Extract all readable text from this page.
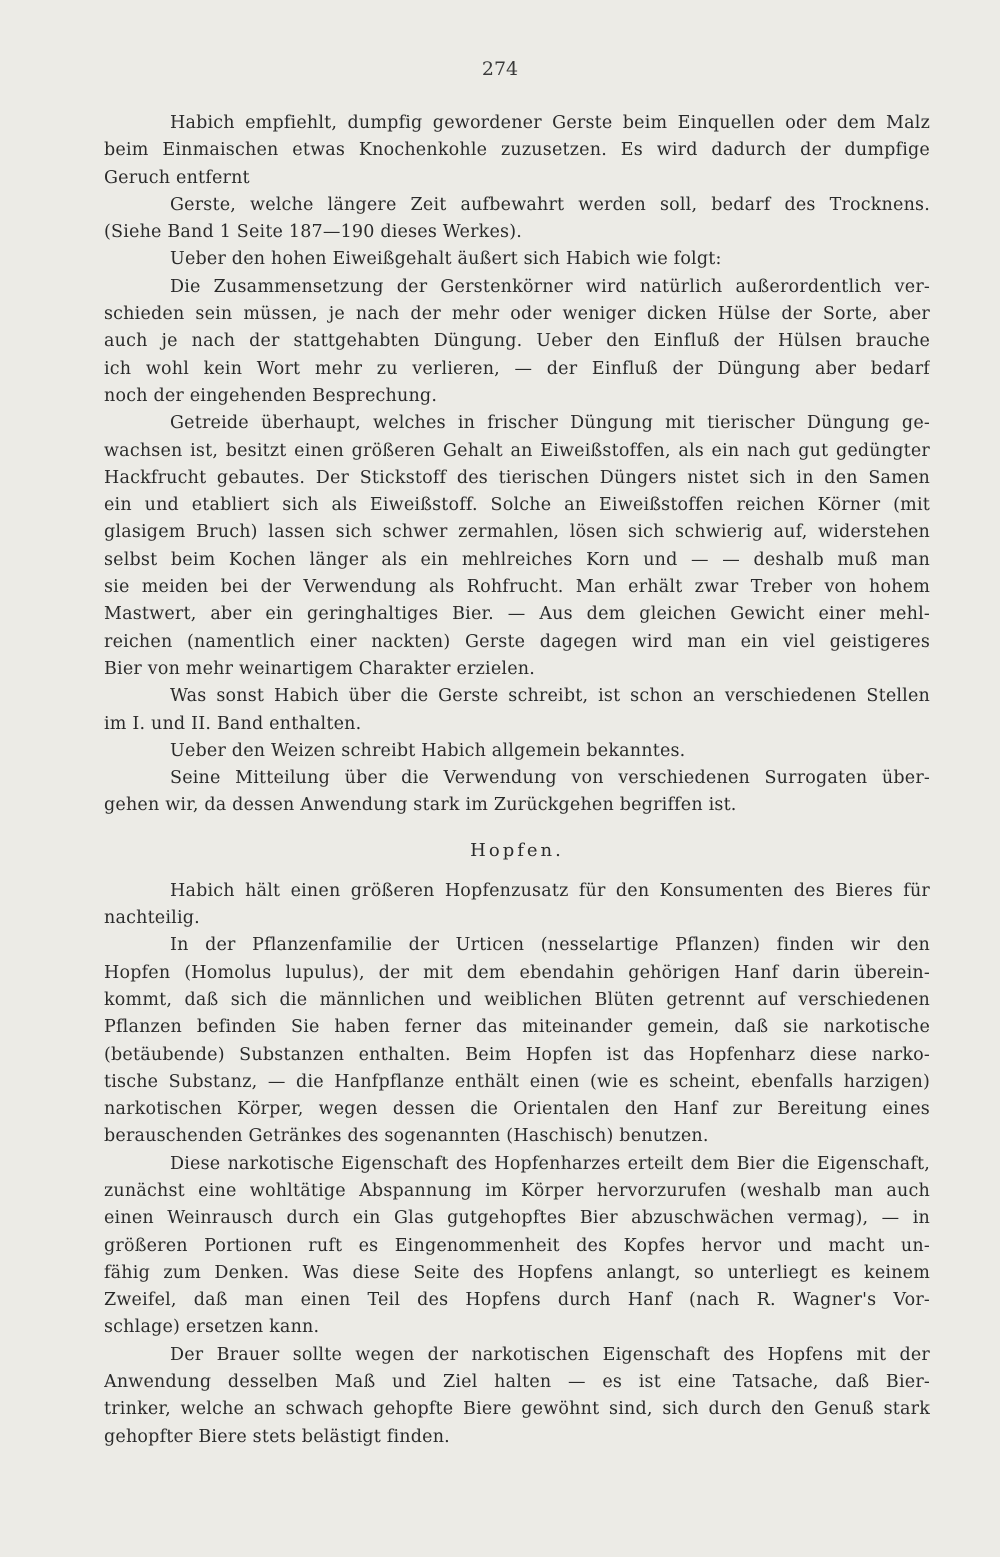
274
Habich empfiehlt, dumpfig gewordener Gerste beim Einquellen oder dem Malz
beim Einmaischen etwas Knochenkohle zuzusetzen. Es wird dadurch der dumpfige
Geruch entfernt
Gerste, welche längere Zeit aufbewahrt werden soll, bedarf des Trocknens.
(Siehe Band 1 Seite 187—190 dieses Werkes).
Ueber den hohen Eiweißgehalt äußert sich Habich wie folgt:
Die Zusammensetzung der Gerstenkörner wird natürlich außerordentlich ver-
schieden sein müssen, je nach der mehr oder weniger dicken Hülse der Sorte, aber
auch je nach der stattgehabten Düngung. Ueber den Einfluß der Hülsen brauche
ich wohl kein Wort mehr zu verlieren, — der Einfluß der Düngung aber bedarf
noch der eingehenden Besprechung.
Getreide überhaupt, welches in frischer Düngung mit tierischer Düngung ge-
wachsen ist, besitzt einen größeren Gehalt an Eiweißstoffen, als ein nach gut gedüngter
Hackfrucht gebautes. Der Stickstoff des tierischen Düngers nistet sich in den Samen
ein und etabliert sich als Eiweißstoff. Solche an Eiweißstoffen reichen Körner (mit
glasigem Bruch) lassen sich schwer zermahlen, lösen sich schwierig auf, widerstehen
selbst beim Kochen länger als ein mehlreiches Korn und — — deshalb muß man
sie meiden bei der Verwendung als Rohfrucht. Man erhält zwar Treber von hohem
Mastwert, aber ein geringhaltiges Bier. — Aus dem gleichen Gewicht einer mehl-
reichen (namentlich einer nackten) Gerste dagegen wird man ein viel geistigeres
Bier von mehr weinartigem Charakter erzielen.
Was sonst Habich über die Gerste schreibt, ist schon an verschiedenen Stellen
im I. und II. Band enthalten.
Ueber den Weizen schreibt Habich allgemein bekanntes.
Seine Mitteilung über die Verwendung von verschiedenen Surrogaten über-
gehen wir, da dessen Anwendung stark im Zurückgehen begriffen ist.
Hopfen.
Habich hält einen größeren Hopfenzusatz für den Konsumenten des Bieres für
nachteilig.
In der Pflanzenfamilie der Urticen (nesselartige Pflanzen) finden wir den
Hopfen (Homolus lupulus), der mit dem ebendahin gehörigen Hanf darin überein-
kommt, daß sich die männlichen und weiblichen Blüten getrennt auf verschiedenen
Pflanzen befinden Sie haben ferner das miteinander gemein, daß sie narkotische
(betäubende) Substanzen enthalten. Beim Hopfen ist das Hopfenharz diese narko-
tische Substanz, — die Hanfpflanze enthält einen (wie es scheint, ebenfalls harzigen)
narkotischen Körper, wegen dessen die Orientalen den Hanf zur Bereitung eines
berauschenden Getränkes des sogenannten (Haschisch) benutzen.
Diese narkotische Eigenschaft des Hopfenharzes erteilt dem Bier die Eigenschaft,
zunächst eine wohltätige Abspannung im Körper hervorzurufen (weshalb man auch
einen Weinrausch durch ein Glas gutgehopftes Bier abzuschwächen vermag), — in
größeren Portionen ruft es Eingenommenheit des Kopfes hervor und macht un-
fähig zum Denken. Was diese Seite des Hopfens anlangt, so unterliegt es keinem
Zweifel, daß man einen Teil des Hopfens durch Hanf (nach R. Wagner's Vor-
schlage) ersetzen kann.
Der Brauer sollte wegen der narkotischen Eigenschaft des Hopfens mit der
Anwendung desselben Maß und Ziel halten — es ist eine Tatsache, daß Bier-
trinker, welche an schwach gehopfte Biere gewöhnt sind, sich durch den Genuß stark
gehopfter Biere stets belästigt finden.
